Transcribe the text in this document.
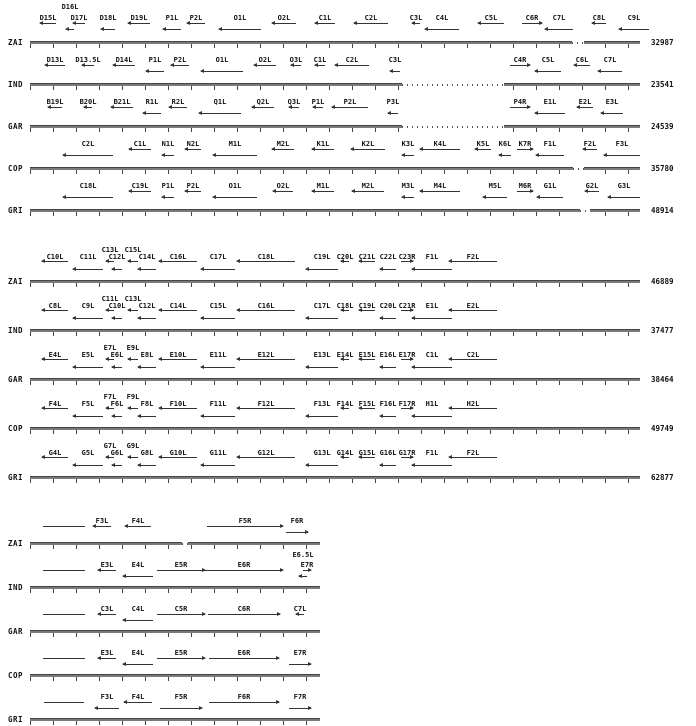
ZAI	32987
D16L
D15L D17L D18L D19L	P1L P2L	O1L	O2L	C1L	C2L	C3L C4L	C5L	C6R C7L	C8L	C9L
IND	23541
D13L D13.5L D14L P1L P2L	O1L	O2L	O3L C1L	C2L	C3L	C4R C5L	C6L C7L
GAR	24539
B19L B20L B21L R1L R2L	Q1L	Q2L	Q3L P1L	P2L	P3L	P4R E1L	E2L E3L
COP	35780
C2L	C1L N1L N2L	M1L	M2L	K1L	K2L	K3L	K4L	K5L K6L K7R F1L	F2L	F3L
GRI	48914
C18L	C19L P1L P2L	O1L	O2L	M1L	M2L	M3L	M4L	M5L M6R G1L	G2L	G3L
ZAI	46889
C10L C11L
C13L C15L
C12L C14L C16L	C17L	C18L	C19L C20L C21L C22L C23R F1L	F2L
IND	37477
C8L	C9L
C11L C13L
C10L C12L C14L	C15L	C16L	C17L C18L C19L C20L C21R E1L	E2L
GAR	38464
E4L	E5L
E7L E9L
E6L E8L E10L	E11L	E12L	E13L E14L E15L E16L E17R C1L	C2L
COP	49749
F4L	F5L
F7L F9L
F6L F8L F10L	F11L	F12L	F13L F14L F15L F16L F17R H1L	H2L
GRI	62877
G4L	G5L
G7L G9L
G6L G8L G10L	G11L	G12L	G13L G14L G15L G16L G17R F1L	F2L
ZAI
F3L	F4L	F5R	F6R
IND
E3L	E4L	E5R	E6R
E6.5L
E7R
GAR
C3L	C4L	C5R	C6R	C7L
COP
E3L	E4L	E5R	E6R	E7R
GRI
F3L	F4L	F5R	F6R	F7R
